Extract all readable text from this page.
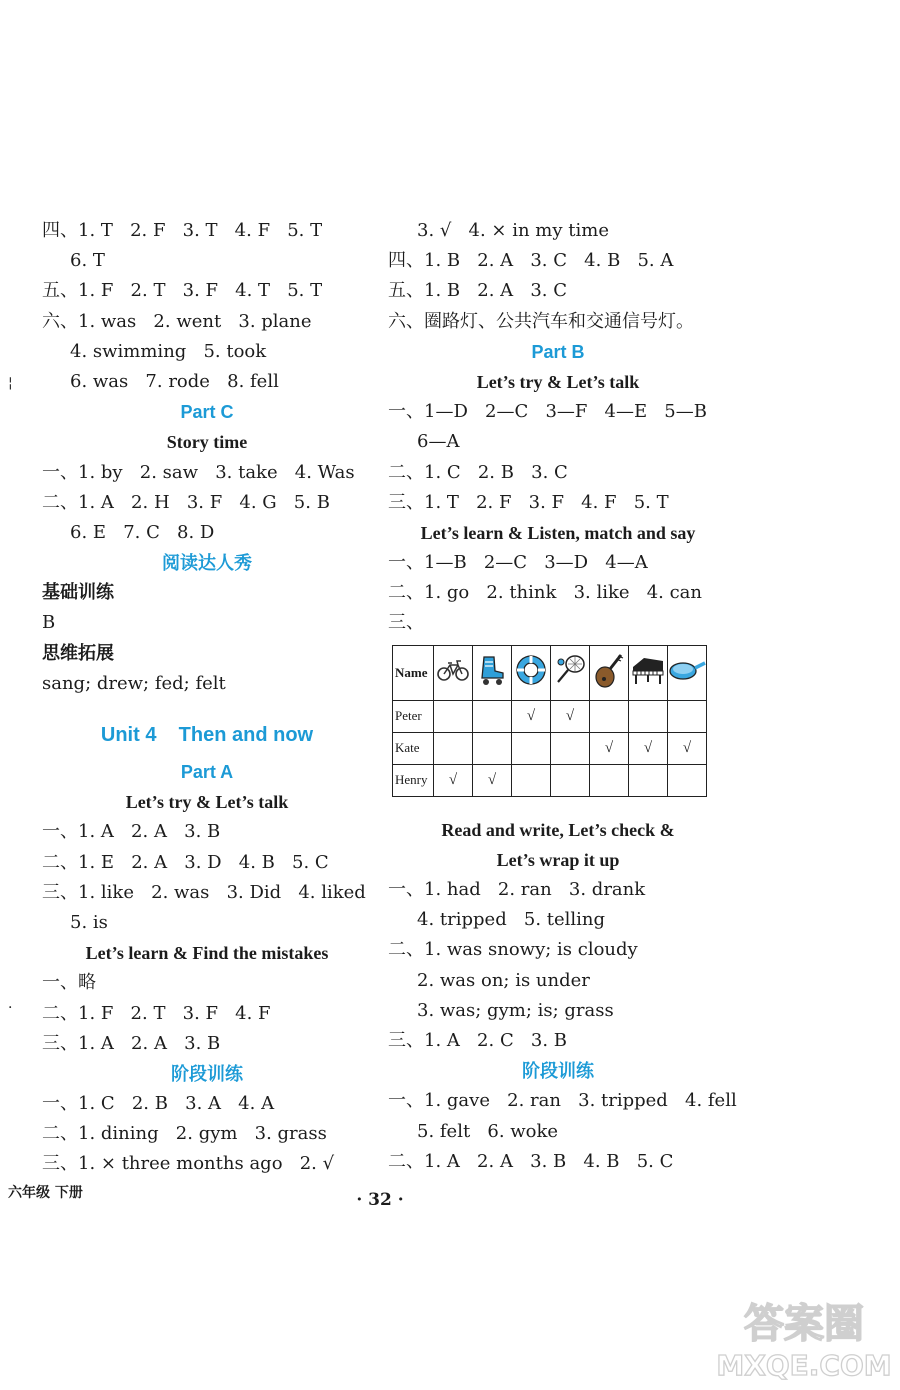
四、1. T   2. F   3. T   4. F   5. T
6. T
五、1. F   2. T   3. F   4. T   5. T
六、1. was   2. went   3. plane
4. swimming   5. took
6. was   7. rode   8. fell
Part C
Story time
一、1. by   2. saw   3. take   4. Was
二、1. A   2. H   3. F   4. G   5. B
6. E   7. C   8. D
阅读达人秀
基础训练
B
思维拓展
sang; drew; fed; felt
Unit 4    Then and now
Part A
Let’s try & Let’s talk
一、1. A   2. A   3. B
二、1. E   2. A   3. D   4. B   5. C
三、1. like   2. was   3. Did   4. liked
5. is
Let’s learn & Find the mistakes
一、略
二、1. F   2. T   3. F   4. F
三、1. A   2. A   3. B
阶段训练
一、1. C   2. B   3. A   4. A
二、1. dining   2. gym   3. grass
三、1. × three months ago   2. √
3. √   4. × in my time
四、1. B   2. A   3. C   4. B   5. A
五、1. B   2. A   3. C
六、圈路灯、公共汽车和交通信号灯。
Part B
Let’s try & Let’s talk
一、1—D   2—C   3—F   4—E   5—B
6—A
二、1. C   2. B   3. C
三、1. T   2. F   3. F   4. F   5. T
Let’s learn & Listen, match and say
一、1—B   2—C   3—D   4—A
二、1. go   2. think   3. like   4. can
三、
Name							
Peter			√	√			
Kate					√	√	√
Henry	√	√					
Read and write, Let’s check &
Let’s wrap it up
一、1. had   2. ran   3. drank
4. tripped   5. telling
二、1. was snowy; is cloudy
2. was on; is under
3. was; gym; is; grass
三、1. A   2. C   3. B
阶段训练
一、1. gave   2. ran   3. tripped   4. fell
5. felt   6. woke
二、1. A   2. A   3. B   4. B   5. C
六年级 下册	· 32 ·
¦
·
答案圈
MXQE.COM
